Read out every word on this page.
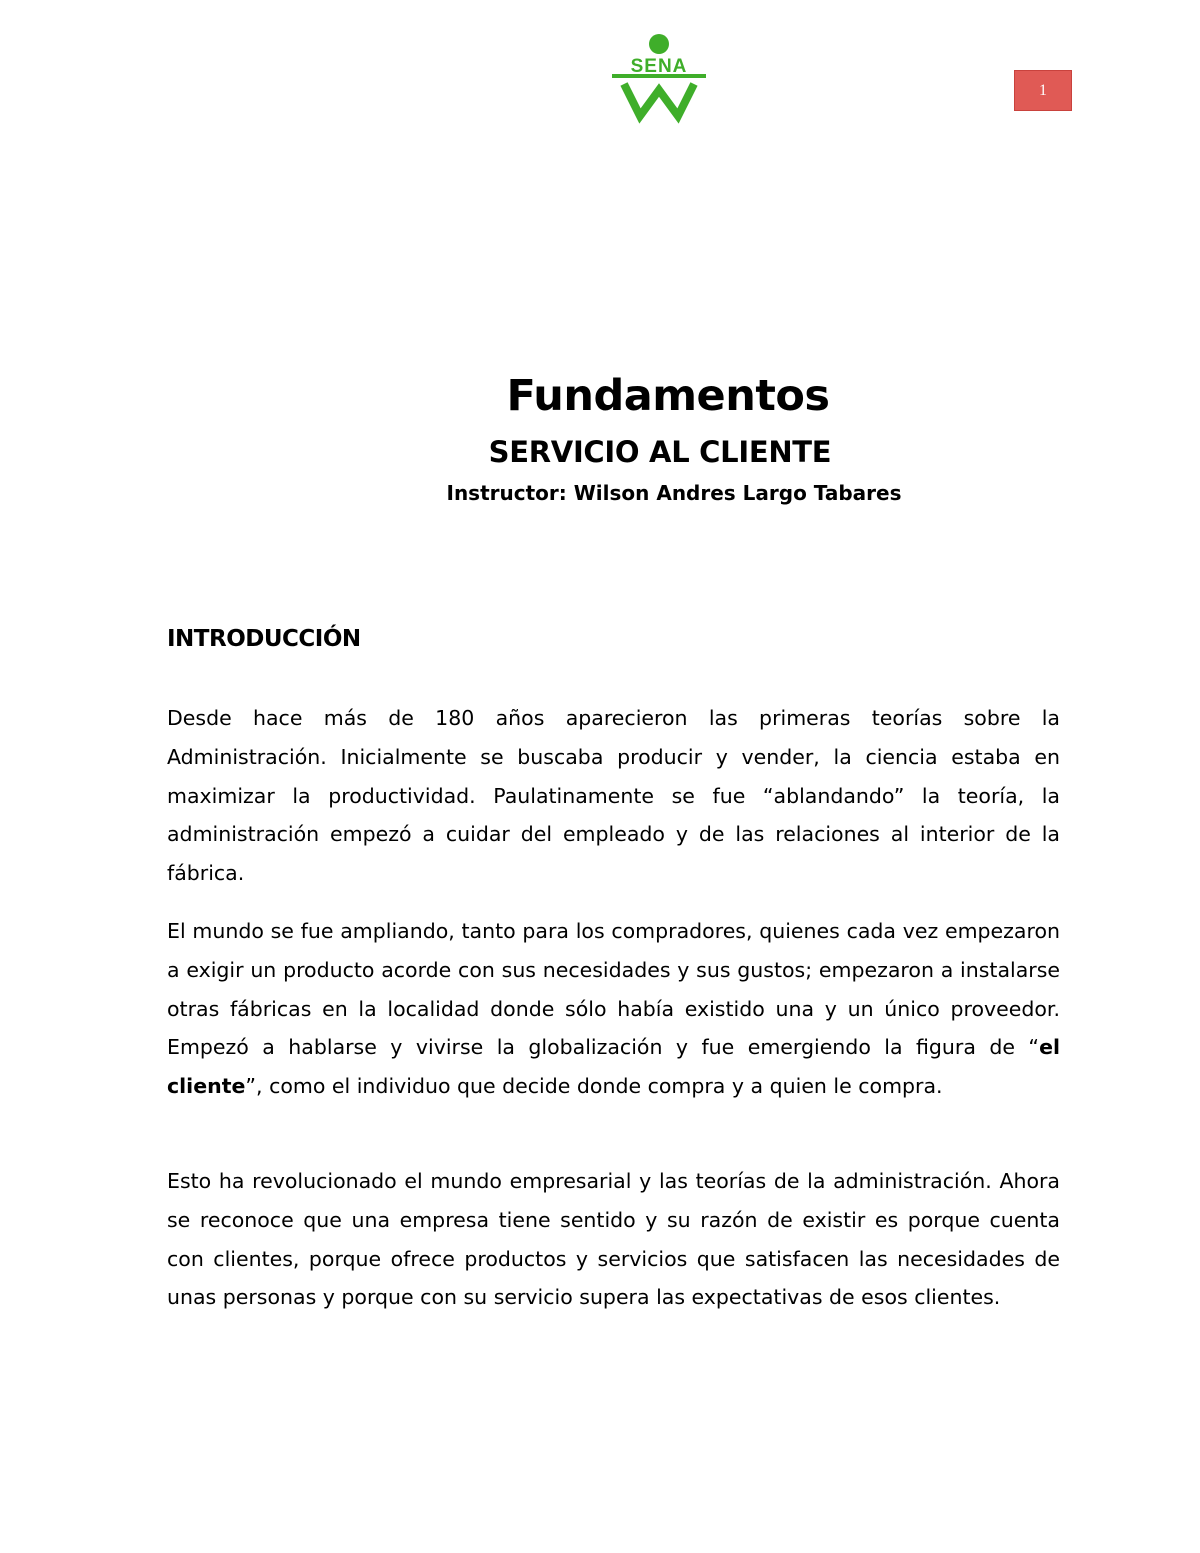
SENA
1
Fundamentos
SERVICIO AL CLIENTE
Instructor: Wilson Andres Largo Tabares
INTRODUCCIÓN
Desde hace más de 180 años aparecieron las primeras teorías sobre la Administración. Inicialmente se buscaba producir y vender, la ciencia estaba en maximizar la productividad. Paulatinamente se fue “ablandando” la teoría, la administración empezó a cuidar del empleado y de las relaciones al interior de la fábrica.
El mundo se fue ampliando, tanto para los compradores, quienes cada vez empezaron a exigir un producto acorde con sus necesidades y sus gustos; empezaron a instalarse otras fábricas en la localidad donde sólo había existido una y un único proveedor. Empezó a hablarse y vivirse la globalización y fue emergiendo la figura de “el cliente”, como el individuo que decide donde compra y a quien le compra.
Esto ha revolucionado el mundo empresarial y las teorías de la administración. Ahora se reconoce que una empresa tiene sentido y su razón de existir es porque cuenta con clientes, porque ofrece productos y servicios que satisfacen las necesidades de unas personas y porque con su servicio supera las expectativas de esos clientes.
